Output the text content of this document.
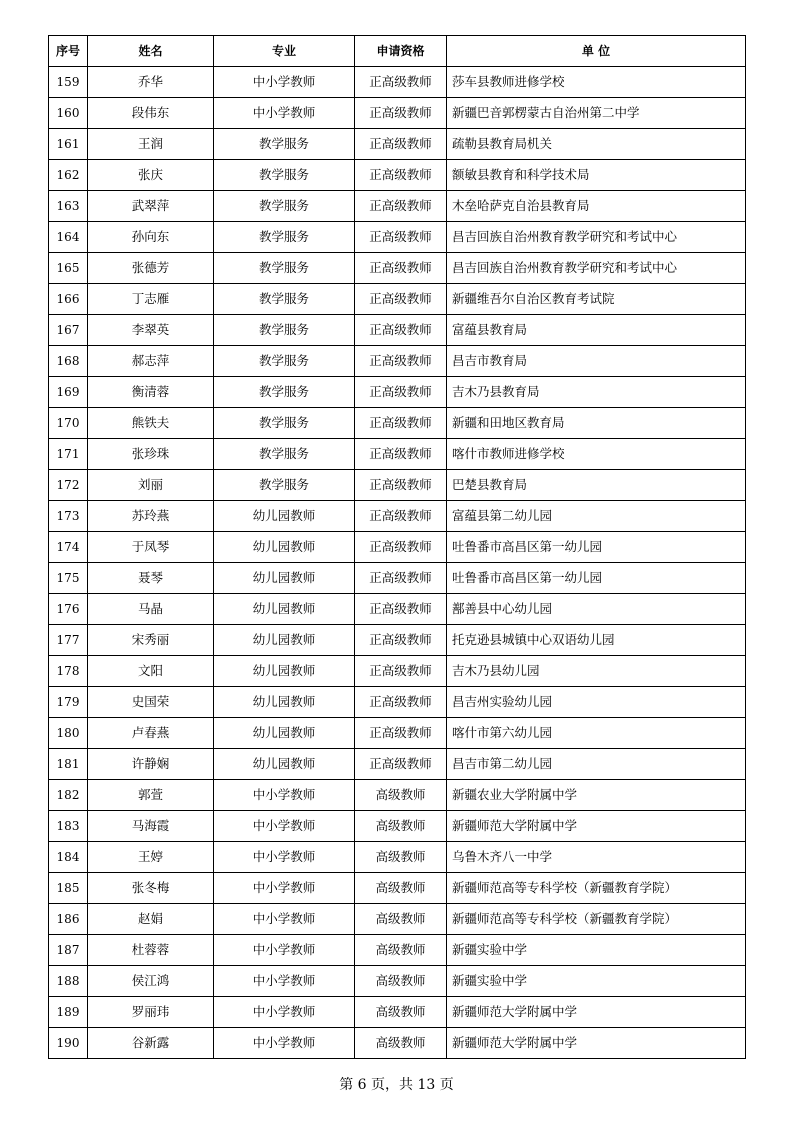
序号	姓名	专业	申请资格	单 位
159	乔华	中小学教师	正高级教师	莎车县教师进修学校
160	段伟东	中小学教师	正高级教师	新疆巴音郭楞蒙古自治州第二中学
161	王润	教学服务	正高级教师	疏勒县教育局机关
162	张庆	教学服务	正高级教师	额敏县教育和科学技术局
163	武翠萍	教学服务	正高级教师	木垒哈萨克自治县教育局
164	孙向东	教学服务	正高级教师	昌吉回族自治州教育教学研究和考试中心
165	张德芳	教学服务	正高级教师	昌吉回族自治州教育教学研究和考试中心
166	丁志雁	教学服务	正高级教师	新疆维吾尔自治区教育考试院
167	李翠英	教学服务	正高级教师	富蕴县教育局
168	郝志萍	教学服务	正高级教师	昌吉市教育局
169	衡清蓉	教学服务	正高级教师	吉木乃县教育局
170	熊铁夫	教学服务	正高级教师	新疆和田地区教育局
171	张珍珠	教学服务	正高级教师	喀什市教师进修学校
172	刘丽	教学服务	正高级教师	巴楚县教育局
173	苏玲燕	幼儿园教师	正高级教师	富蕴县第二幼儿园
174	于凤琴	幼儿园教师	正高级教师	吐鲁番市高昌区第一幼儿园
175	聂琴	幼儿园教师	正高级教师	吐鲁番市高昌区第一幼儿园
176	马晶	幼儿园教师	正高级教师	鄯善县中心幼儿园
177	宋秀丽	幼儿园教师	正高级教师	托克逊县城镇中心双语幼儿园
178	文阳	幼儿园教师	正高级教师	吉木乃县幼儿园
179	史国荣	幼儿园教师	正高级教师	昌吉州实验幼儿园
180	卢春燕	幼儿园教师	正高级教师	喀什市第六幼儿园
181	许静娴	幼儿园教师	正高级教师	昌吉市第二幼儿园
182	郭萱	中小学教师	高级教师	新疆农业大学附属中学
183	马海霞	中小学教师	高级教师	新疆师范大学附属中学
184	王婷	中小学教师	高级教师	乌鲁木齐八一中学
185	张冬梅	中小学教师	高级教师	新疆师范高等专科学校（新疆教育学院）
186	赵娟	中小学教师	高级教师	新疆师范高等专科学校（新疆教育学院）
187	杜蓉蓉	中小学教师	高级教师	新疆实验中学
188	侯江鸿	中小学教师	高级教师	新疆实验中学
189	罗丽玮	中小学教师	高级教师	新疆师范大学附属中学
190	谷新露	中小学教师	高级教师	新疆师范大学附属中学
第 6 页，共 13 页
